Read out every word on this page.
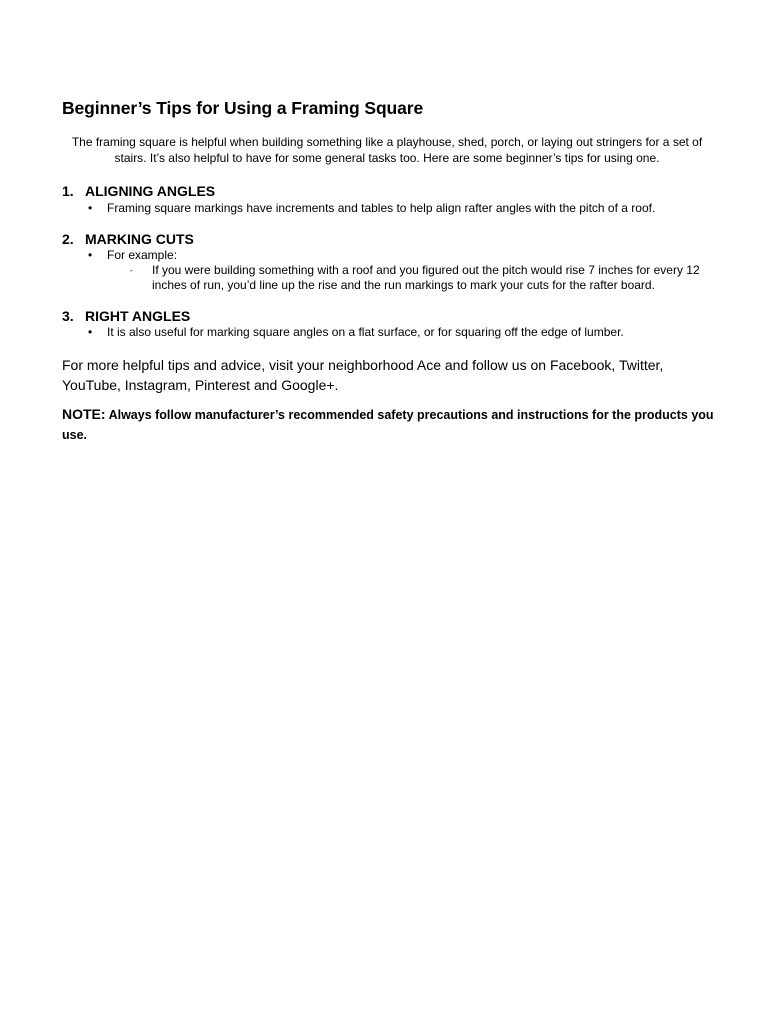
Beginner’s Tips for Using a Framing Square

The framing square is helpful when building something like a playhouse, shed, porch, or laying out stringers for a set of stairs. It’s also helpful to have for some general tasks too. Here are some beginner’s tips for using one.

1. ALIGNING ANGLES
• Framing square markings have increments and tables to help align rafter angles with the pitch of a roof.
2. MARKING CUTS
• For example:
- If you were building something with a roof and you figured out the pitch would rise 7 inches for every 12 inches of run, you’d line up the rise and the run markings to mark your cuts for the rafter board.
3. RIGHT ANGLES
• It is also useful for marking square angles on a flat surface, or for squaring off the edge of lumber.

For more helpful tips and advice, visit your neighborhood Ace and follow us on Facebook, Twitter, YouTube, Instagram, Pinterest and Google+.

NOTE: Always follow manufacturer’s recommended safety precautions and instructions for the products you use.
